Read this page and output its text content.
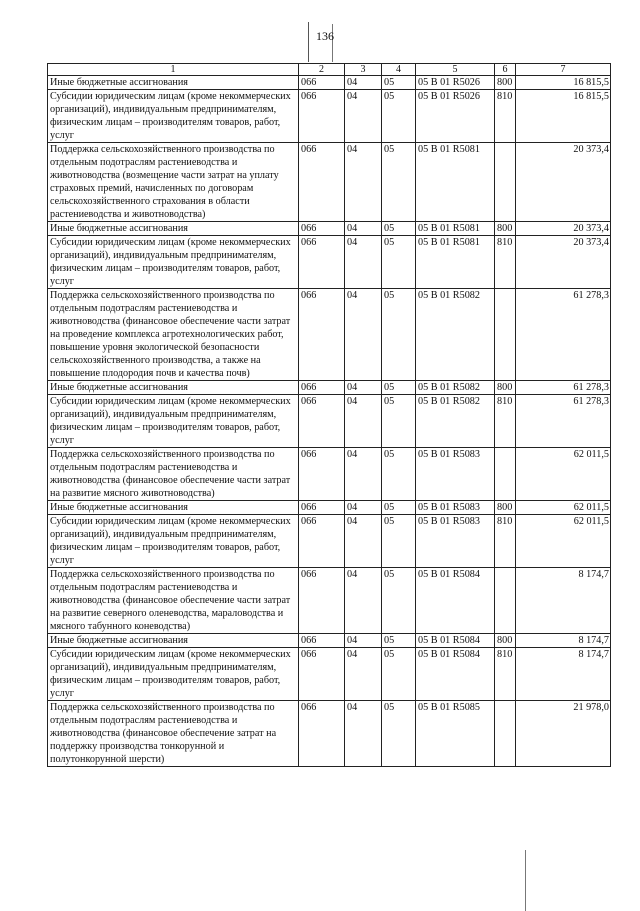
136
1	2	3	4	5	6	7
Иные бюджетные ассигнования	066	04	05	05 В 01 R5026	800	16 815,5
Субсидии юридическим лицам (кроме некоммерческих организаций), индивидуальным предпринимателям, физическим лицам – производителям товаров, работ, услуг	066	04	05	05 В 01 R5026	810	16 815,5
Поддержка сельскохозяйственного производства по отдельным подотраслям растениеводства и животноводства (возмещение части затрат на уплату страховых премий, начисленных по договорам сельскохозяйственного страхования в области растениеводства и животноводства)	066	04	05	05 В 01 R5081		20 373,4
Иные бюджетные ассигнования	066	04	05	05 В 01 R5081	800	20 373,4
Субсидии юридическим лицам (кроме некоммерческих организаций), индивидуальным предпринимателям, физическим лицам – производителям товаров, работ, услуг	066	04	05	05 В 01 R5081	810	20 373,4
Поддержка сельскохозяйственного производства по отдельным подотраслям растениеводства и животноводства (финансовое обеспечение части затрат на проведение комплекса агротехнологических работ, повышение уровня экологической безопасности сельскохозяйственного производства, а также на повышение плодородия почв и качества почв)	066	04	05	05 В 01 R5082		61 278,3
Иные бюджетные ассигнования	066	04	05	05 В 01 R5082	800	61 278,3
Субсидии юридическим лицам (кроме некоммерческих организаций), индивидуальным предпринимателям, физическим лицам – производителям товаров, работ, услуг	066	04	05	05 В 01 R5082	810	61 278,3
Поддержка сельскохозяйственного производства по отдельным подотраслям растениеводства и животноводства (финансовое обеспечение части затрат на развитие мясного животноводства)	066	04	05	05 В 01 R5083		62 011,5
Иные бюджетные ассигнования	066	04	05	05 В 01 R5083	800	62 011,5
Субсидии юридическим лицам (кроме некоммерческих организаций), индивидуальным предпринимателям, физическим лицам – производителям товаров, работ, услуг	066	04	05	05 В 01 R5083	810	62 011,5
Поддержка сельскохозяйственного производства по отдельным подотраслям растениеводства и животноводства (финансовое обеспечение части затрат на развитие северного оленеводства, мараловодства и мясного табунного коневодства)	066	04	05	05 В 01 R5084		8 174,7
Иные бюджетные ассигнования	066	04	05	05 В 01 R5084	800	8 174,7
Субсидии юридическим лицам (кроме некоммерческих организаций), индивидуальным предпринимателям, физическим лицам – производителям товаров, работ, услуг	066	04	05	05 В 01 R5084	810	8 174,7
Поддержка сельскохозяйственного производства по отдельным подотраслям растениеводства и животноводства (финансовое обеспечение затрат на поддержку производства тонкорунной и полутонкорунной шерсти)	066	04	05	05 В 01 R5085		21 978,0
